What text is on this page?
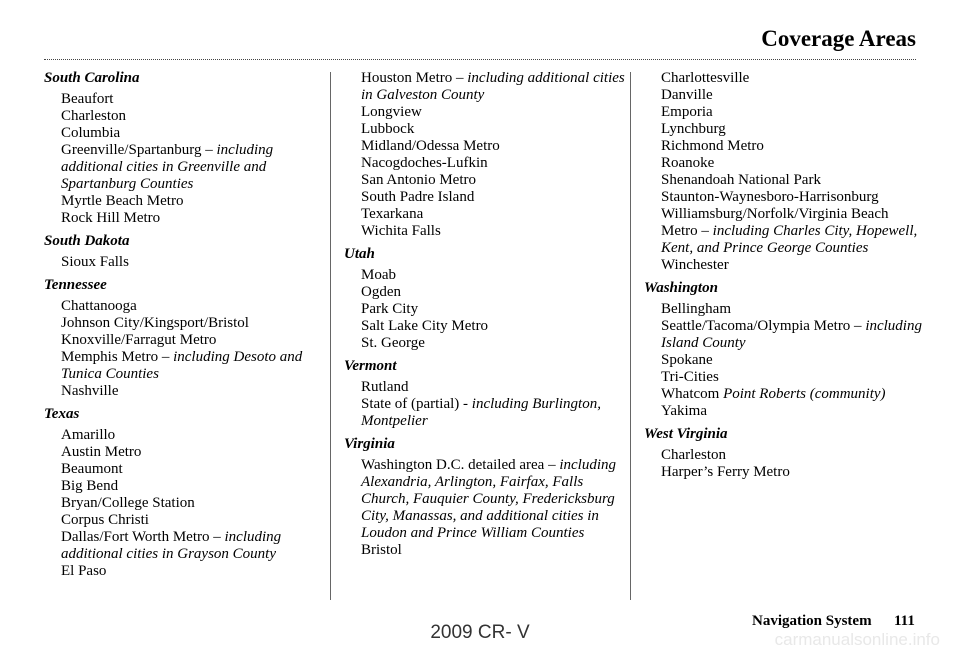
Coverage Areas
South Carolina
Beaufort
Charleston
Columbia
Greenville/Spartanburg – including additional cities in Greenville and Spartanburg Counties
Myrtle Beach Metro
Rock Hill Metro
South Dakota
Sioux Falls
Tennessee
Chattanooga
Johnson City/Kingsport/Bristol
Knoxville/Farragut Metro
Memphis Metro – including Desoto and Tunica Counties
Nashville
Texas
Amarillo
Austin Metro
Beaumont
Big Bend
Bryan/College Station
Corpus Christi
Dallas/Fort Worth Metro – including additional cities in Grayson County
El Paso
Houston Metro – including additional cities in Galveston County
Longview
Lubbock
Midland/Odessa Metro
Nacogdoches-Lufkin
San Antonio Metro
South Padre Island
Texarkana
Wichita Falls
Utah
Moab
Ogden
Park City
Salt Lake City Metro
St. George
Vermont
Rutland
State of (partial) - including Burlington, Montpelier
Virginia
Washington D.C. detailed area – including Alexandria, Arlington, Fairfax, Falls Church, Fauquier County, Fredericksburg City, Manassas, and additional cities in Loudon and Prince William Counties
Bristol
Charlottesville
Danville
Emporia
Lynchburg
Richmond Metro
Roanoke
Shenandoah National Park
Staunton-Waynesboro-Harrisonburg
Williamsburg/Norfolk/Virginia Beach Metro – including Charles City, Hopewell, Kent, and Prince George Counties
Winchester
Washington
Bellingham
Seattle/Tacoma/Olympia Metro – including Island County
Spokane
Tri-Cities
Whatcom Point Roberts (community)
Yakima
West Virginia
Charleston
Harper’s Ferry Metro
Navigation System 111
2009 CR- V	carmanualsonline.info
